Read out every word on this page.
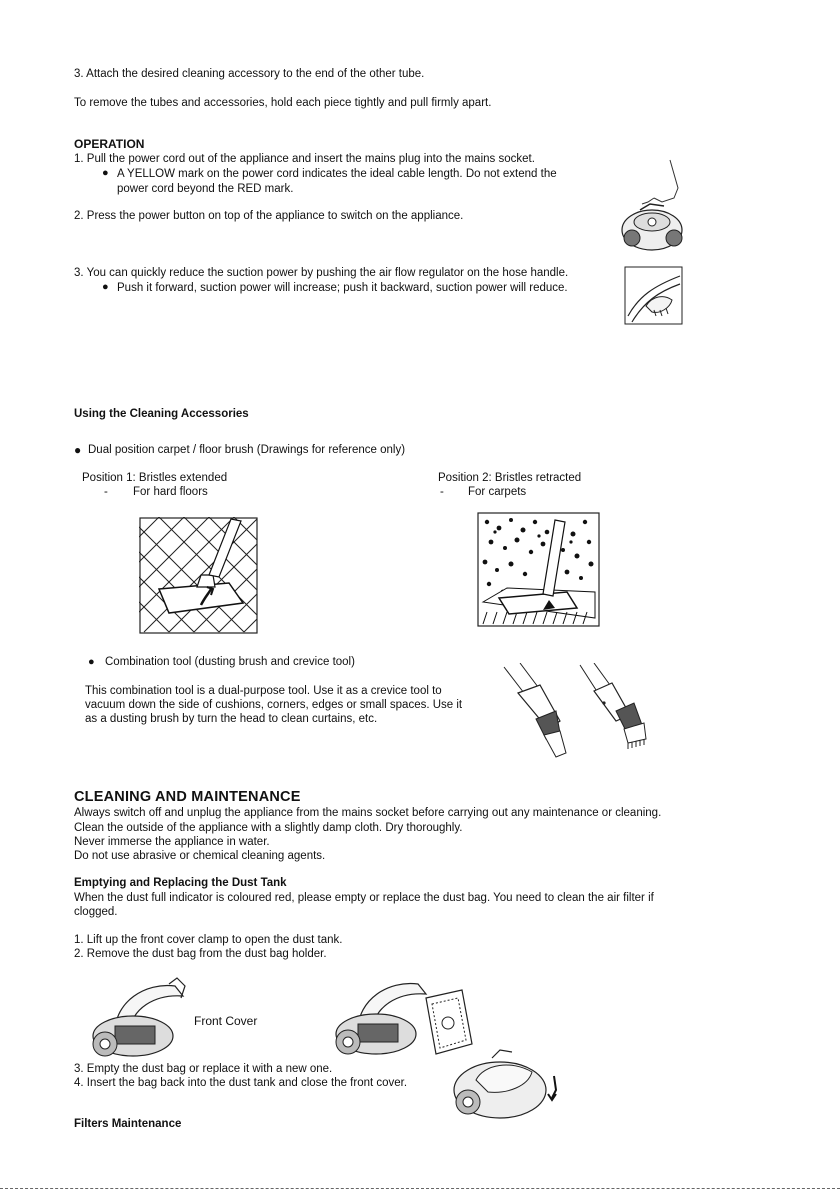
3. Attach the desired cleaning accessory to the end of the other tube.
To remove the tubes and accessories, hold each piece tightly and pull firmly apart.
OPERATION
1. Pull the power cord out of the appliance and insert the mains plug into the mains socket.
● A YELLOW mark on the power cord indicates the ideal cable length. Do not extend the
power cord beyond the RED mark.
2. Press the power button on top of the appliance to switch on the appliance.
3. You can quickly reduce the suction power by pushing the air flow regulator on the hose handle.
● Push it forward, suction power will increase; push it backward, suction power will reduce.
Using the Cleaning Accessories
● Dual position carpet / floor brush (Drawings for reference only)
Position 1: Bristles extended
- For hard floors
Position 2: Bristles retracted
- For carpets
● Combination tool (dusting brush and crevice tool)
This combination tool is a dual-purpose tool. Use it as a crevice tool to
vacuum down the side of cushions, corners, edges or small spaces. Use it
as a dusting brush by turn the head to clean curtains, etc.
CLEANING AND MAINTENANCE
Always switch off and unplug the appliance from the mains socket before carrying out any maintenance or cleaning.
Clean the outside of the appliance with a slightly damp cloth. Dry thoroughly.
Never immerse the appliance in water.
Do not use abrasive or chemical cleaning agents.
Emptying and Replacing the Dust Tank
When the dust full indicator is coloured red, please empty or replace the dust bag. You need to clean the air filter if
clogged.
1. Lift up the front cover clamp to open the dust tank.
2. Remove the dust bag from the dust bag holder.
Front Cover
3. Empty the dust bag or replace it with a new one.
4. Insert the bag back into the dust tank and close the front cover.
Filters Maintenance
